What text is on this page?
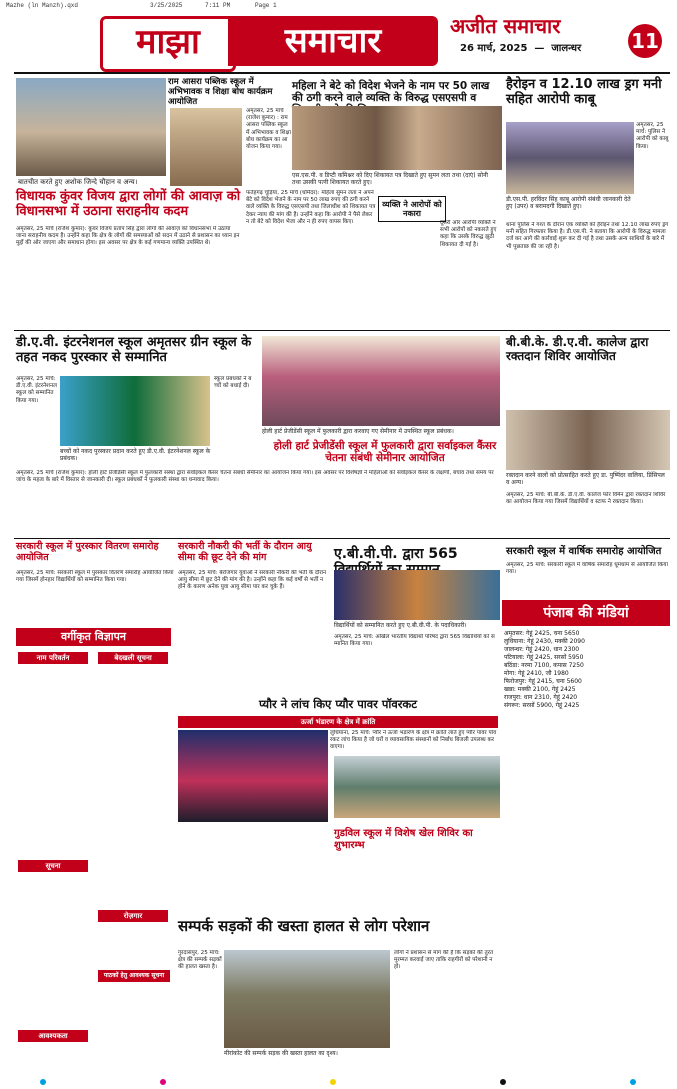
Mazhe (ln Manzh).qxd	3/25/2025	7:11 PM	Page 1
माझा	समाचार	अजीत समाचार
26 मार्च, 2025  —  जालन्धर	11
बातचीत करते हुए अशोक जिन्दे चौहान व अन्य।
विधायक कुंवर विजय द्वारा लोगों की आवाज़ को विधानसभा में उठाना सराहनीय कदम
अमृतसर, 25 मार्च (राजेश कुमार): कुंवर विजय प्रताप सिंह द्वारा लोगों की आवाज़ को विधानसभा में उठाया जाना सराहनीय कदम है। उन्होंने कहा कि क्षेत्र के लोगों की समस्याओं को सदन में उठाने से प्रशासन का ध्यान इन मुद्दों की ओर जाएगा और समाधान होगा। इस अवसर पर क्षेत्र के कई गणमान्य व्यक्ति उपस्थित थे।
राम आसरा पब्लिक स्कूल में अभिभावक व शिक्षा बोध कार्यक्रम आयोजित
अमृतसर, 25 मार्च (राजेश कुमार) : राम आसरा पब्लिक स्कूल में अभिभावक व शिक्षा बोध कार्यक्रम का आयोजन किया गया।
महिला ने बेटे को विदेश भेजने के नाम पर 50 लाख की ठगी करने वाले व्यक्ति के विरुद्ध एसएसपी व
एस.एस.पी. व डिप्टी कमिश्नर को दिए शिकायत पत्र दिखाते हुए सुमन लता तथा (दाएं) सोनी तथा उसकी पत्नी शिकायत करते हुए।
व्यक्ति ने आरोपों को नकारा
फतेहगढ़ चूड़ियां, 25 मार्च (धर्मिंदर): महिला सुमन लता ने अपने बेटे को विदेश भेजने के नाम पर 50 लाख रुपए की ठगी करने वाले व्यक्ति के विरुद्ध एसएसपी तथा जिलाधीश को शिकायत पत्र देकर न्याय की मांग की है। उन्होंने कहा कि आरोपी ने पैसे लेकर न तो बेटे को विदेश भेजा और न ही रुपए वापस किए।	दूसरी ओर आरोपी व्यक्ति ने सभी आरोपों को नकारते हुए कहा कि उसके विरुद्ध झूठी शिकायत दी गई है।
हैरोइन व 12.10 लाख ड्रग मनी सहित आरोपी काबू
अमृतसर, 25 मार्च: पुलिस ने आरोपी को काबू किया।
डी.एस.पी. हरविंदर सिंह काबू आरोपी संबंधी जानकारी देते हुए (उपर) व बरामदगी दिखाते हुए।
थाना पुलिस ने गश्त के दौरान एक व्यक्ति को हैरोइन तथा 12.10 लाख रुपए ड्रग मनी सहित गिरफ्तार किया है। डी.एस.पी. ने बताया कि आरोपी के विरुद्ध मामला दर्ज कर आगे की कार्रवाई शुरू कर दी गई है तथा उसके अन्य साथियों के बारे में भी पूछताछ की जा रही है।
डी.ए.वी. इंटरनेशनल स्कूल अमृतसर ग्रीन स्कूल के तहत नकद पुरस्कार से सम्मानित
बच्चों को नकद पुरस्कार प्रदान करते हुए डी.ए.वी. इंटरनेशनल स्कूल के प्रबंधक।
अमृतसर, 25 मार्च: डी.ए.वी. इंटरनेशनल स्कूल को सम्मानित किया गया।
स्कूल प्रबंधकों ने बच्चों को बधाई दी।
होली हार्ट प्रेजीडेंसी स्कूल में फुलकारी द्वारा करवाए गए सेमीनार में उपस्थित स्कूल प्रबंधक।
होली हार्ट प्रेजीडेंसी स्कूल में फुलकारी द्वारा सर्वाइकल कैंसर चेतना संबंधी सेमीनार आयोजित
बी.बी.के. डी.ए.वी. कालेज द्वारा रक्तदान शिविर आयोजित
रक्तदान करने वालों को प्रोत्साहित करते हुए डा. पुष्पिंदर वालिया, प्रिंसिपल व अन्य।
अमृतसर, 25 मार्च: बी.बी.के. डी.ए.वी. कालेज फॉर विमेन द्वारा रक्तदान शिविर का आयोजन किया गया जिसमें विद्यार्थियों व स्टाफ ने रक्तदान किया।
अमृतसर, 25 मार्च (राजेश कुमार): होली हार्ट प्रेजीडेंसी स्कूल में फुलकारी संस्था द्वारा सर्वाइकल कैंसर चेतना संबंधी सेमीनार का आयोजन किया गया। इस अवसर पर विशेषज्ञों ने महिलाओं को सर्वाइकल कैंसर के लक्षणों, बचाव तथा समय पर जांच के महत्व के बारे में विस्तार से जानकारी दी। स्कूल प्रबंधकों ने फुलकारी संस्था का धन्यवाद किया।
सरकारी स्कूल में पुरस्कार वितरण समारोह आयोजित
अमृतसर, 25 मार्च: सरकारी स्कूल में पुरस्कार वितरण समारोह आयोजित किया गया जिसमें होनहार विद्यार्थियों को सम्मानित किया गया।
सरकारी नौकरी की भर्ती के दौरान आयु सीमा की छूट देने की मांग
अमृतसर, 25 मार्च: बेरोजगार युवाओं ने सरकारी नौकरी की भर्ती के दौरान आयु सीमा में छूट देने की मांग की है। उन्होंने कहा कि कई वर्षों से भर्ती न होने के कारण अनेक युवा आयु सीमा पार कर चुके हैं।
ए.बी.वी.पी. द्वारा 565
विद्यार्थियों को सम्मानित करते हुए ए.बी.वी.पी. के पदाधिकारी।
अमृतसर, 25 मार्च: अखिल भारतीय विद्यार्थी परिषद द्वारा 565 विद्यार्थियों को सम्मानित किया गया।
सरकारी स्कूल में वार्षिक समारोह आयोजित
अमृतसर, 25 मार्च: सरकारी स्कूल में वार्षिक समारोह धूमधाम से आयोजित किया गया।
पंजाब की मंडियां
अमृतसर: गेहूं 2425, चना 5650
लुधियाना: गेहूं 2430, मक्की 2090
जालन्धर: गेहूं 2420, धान 2300
पटियाला: गेहूं 2425, सरसों 5950
बठिंडा: नरमा 7100, कपास 7250
मोगा: गेहूं 2410, जौ 1980
फिरोजपुर: गेहूं 2415, चना 5600
खन्ना: मक्की 2100, गेहूं 2425
राजपुरा: धान 2310, गेहूं 2420
संगरूर: सरसों 5900, गेहूं 2425
वर्गीकृत विज्ञापन
नाम परिवर्तन	बेदखली सूचना
सूचना
रोज़गार
पाठकों हेतु आवश्यक सूचना
आवश्यकता
प्यौर ने लांच किए प्यौर पावर पॉवरकट
ऊर्जा भंडारण के क्षेत्र में क्रांति
लुधियाना, 25 मार्च: प्यौर ने ऊर्जा भंडारण के क्षेत्र में क्रांति लाते हुए प्यौर पावर पॉवरकट लांच किया है जो घरों व व्यावसायिक संस्थानों को निर्बाध बिजली उपलब्ध करवाएगा।
गुडविल स्कूल में विशेष खेल शिविर का शुभारम्भ
सम्पर्क सड़कों की खस्ता हालत से लोग परेशान
मीरांकोट की सम्पर्क सड़क की खस्ता हालत का दृश्य।
गुरदासपुर, 25 मार्च: क्षेत्र की सम्पर्क सड़कों की हालत खस्ता है।
लोगों ने प्रशासन से मांग की है कि सड़कों की तुरंत मुरम्मत करवाई जाए ताकि राहगीरों को परेशानी न हो।
